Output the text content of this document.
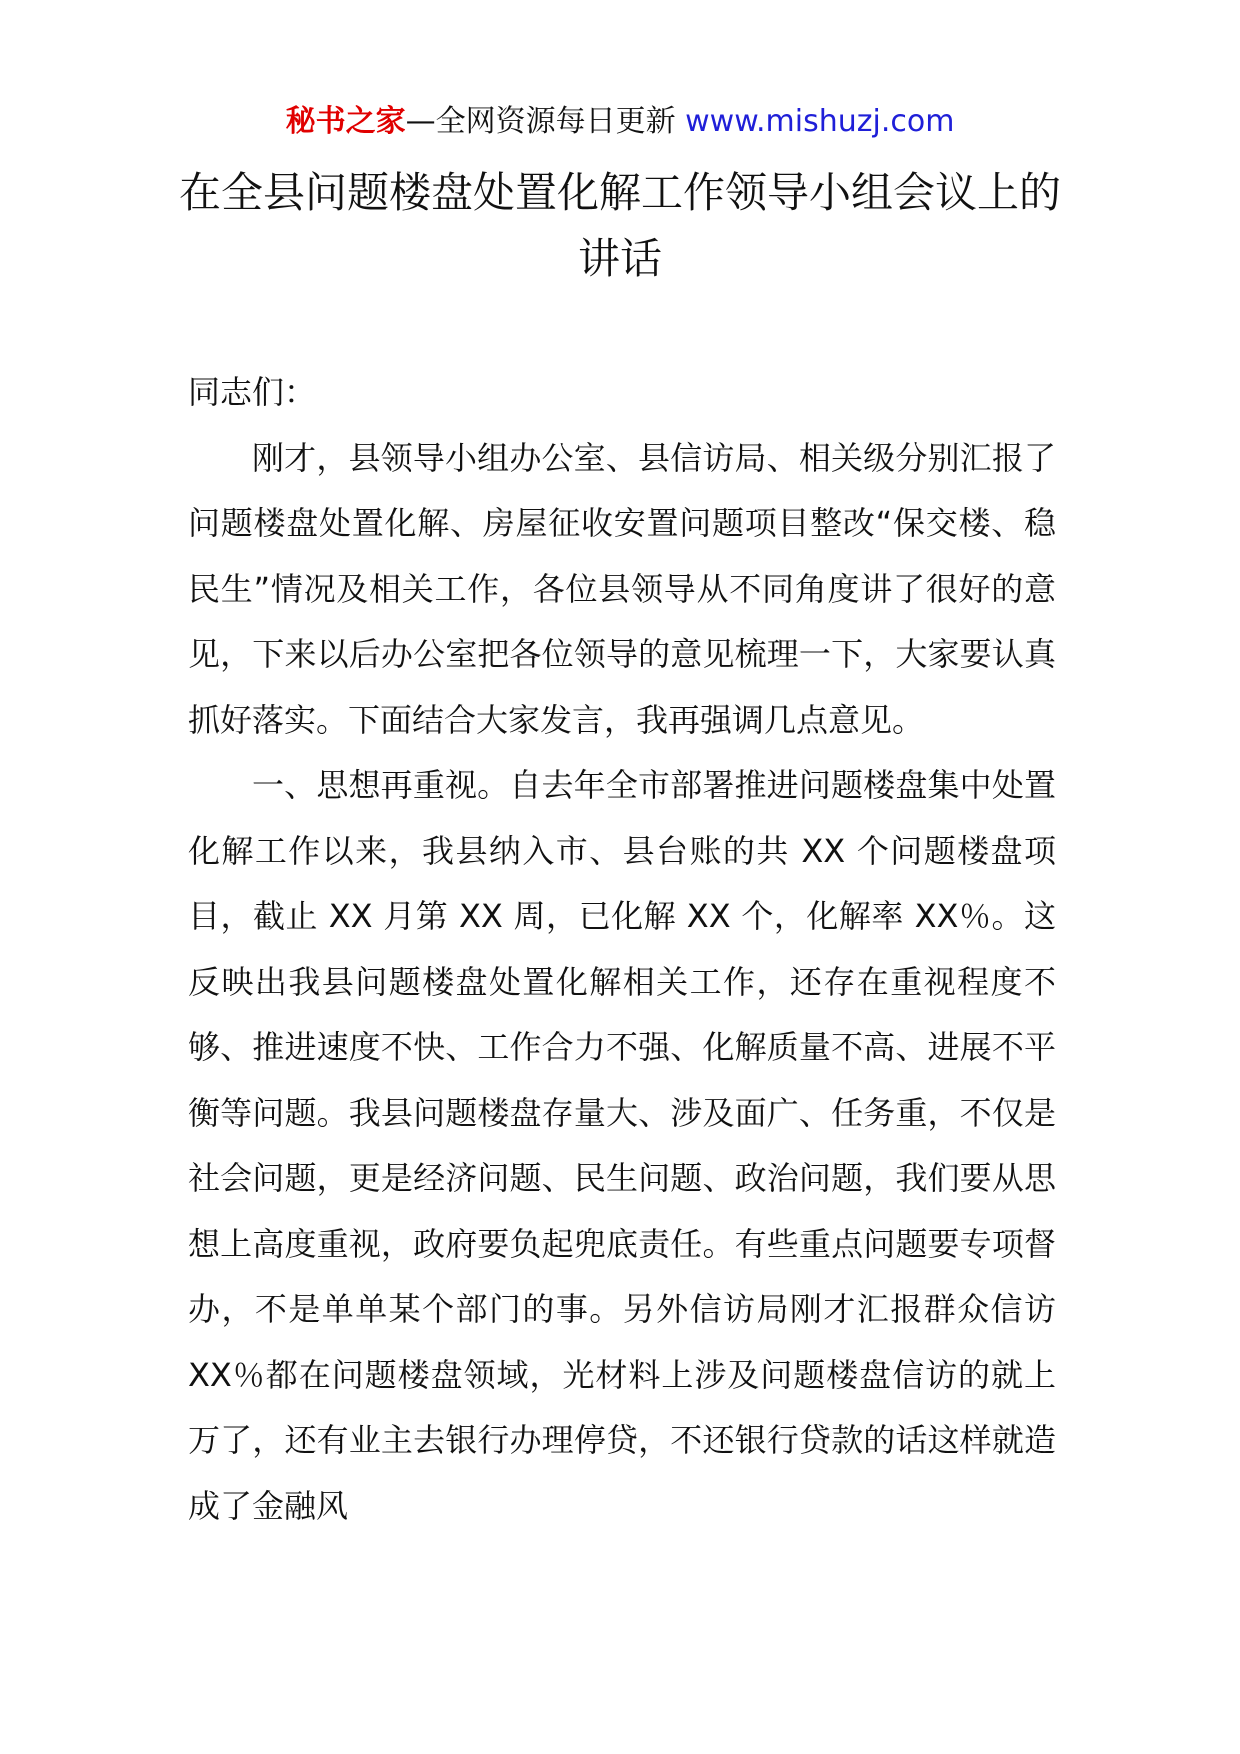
秘书之家—全网资源每日更新 www.mishuzj.com
在全县问题楼盘处置化解工作领导小组会议上的讲话

同志们：

刚才，县领导小组办公室、县信访局、相关级分别汇报了问题楼盘处置化解、房屋征收安置问题项目整改“保交楼、稳民生”情况及相关工作，各位县领导从不同角度讲了很好的意见，下来以后办公室把各位领导的意见梳理一下，大家要认真抓好落实。下面结合大家发言，我再强调几点意见。

一、思想再重视。自去年全市部署推进问题楼盘集中处置化解工作以来，我县纳入市、县台账的共 XX 个问题楼盘项目，截止 XX 月第 XX 周，已化解 XX 个，化解率 XX％。这反映出我县问题楼盘处置化解相关工作，还存在重视程度不够、推进速度不快、工作合力不强、化解质量不高、进展不平衡等问题。我县问题楼盘存量大、涉及面广、任务重，不仅是社会问题，更是经济问题、民生问题、政治问题，我们要从思想上高度重视，政府要负起兜底责任。有些重点问题要专项督办，不是单单某个部门的事。另外信访局刚才汇报群众信访 XX％都在问题楼盘领域，光材料上涉及问题楼盘信访的就上万了，还有业主去银行办理停贷，不还银行贷款的话这样就造成了金融风
